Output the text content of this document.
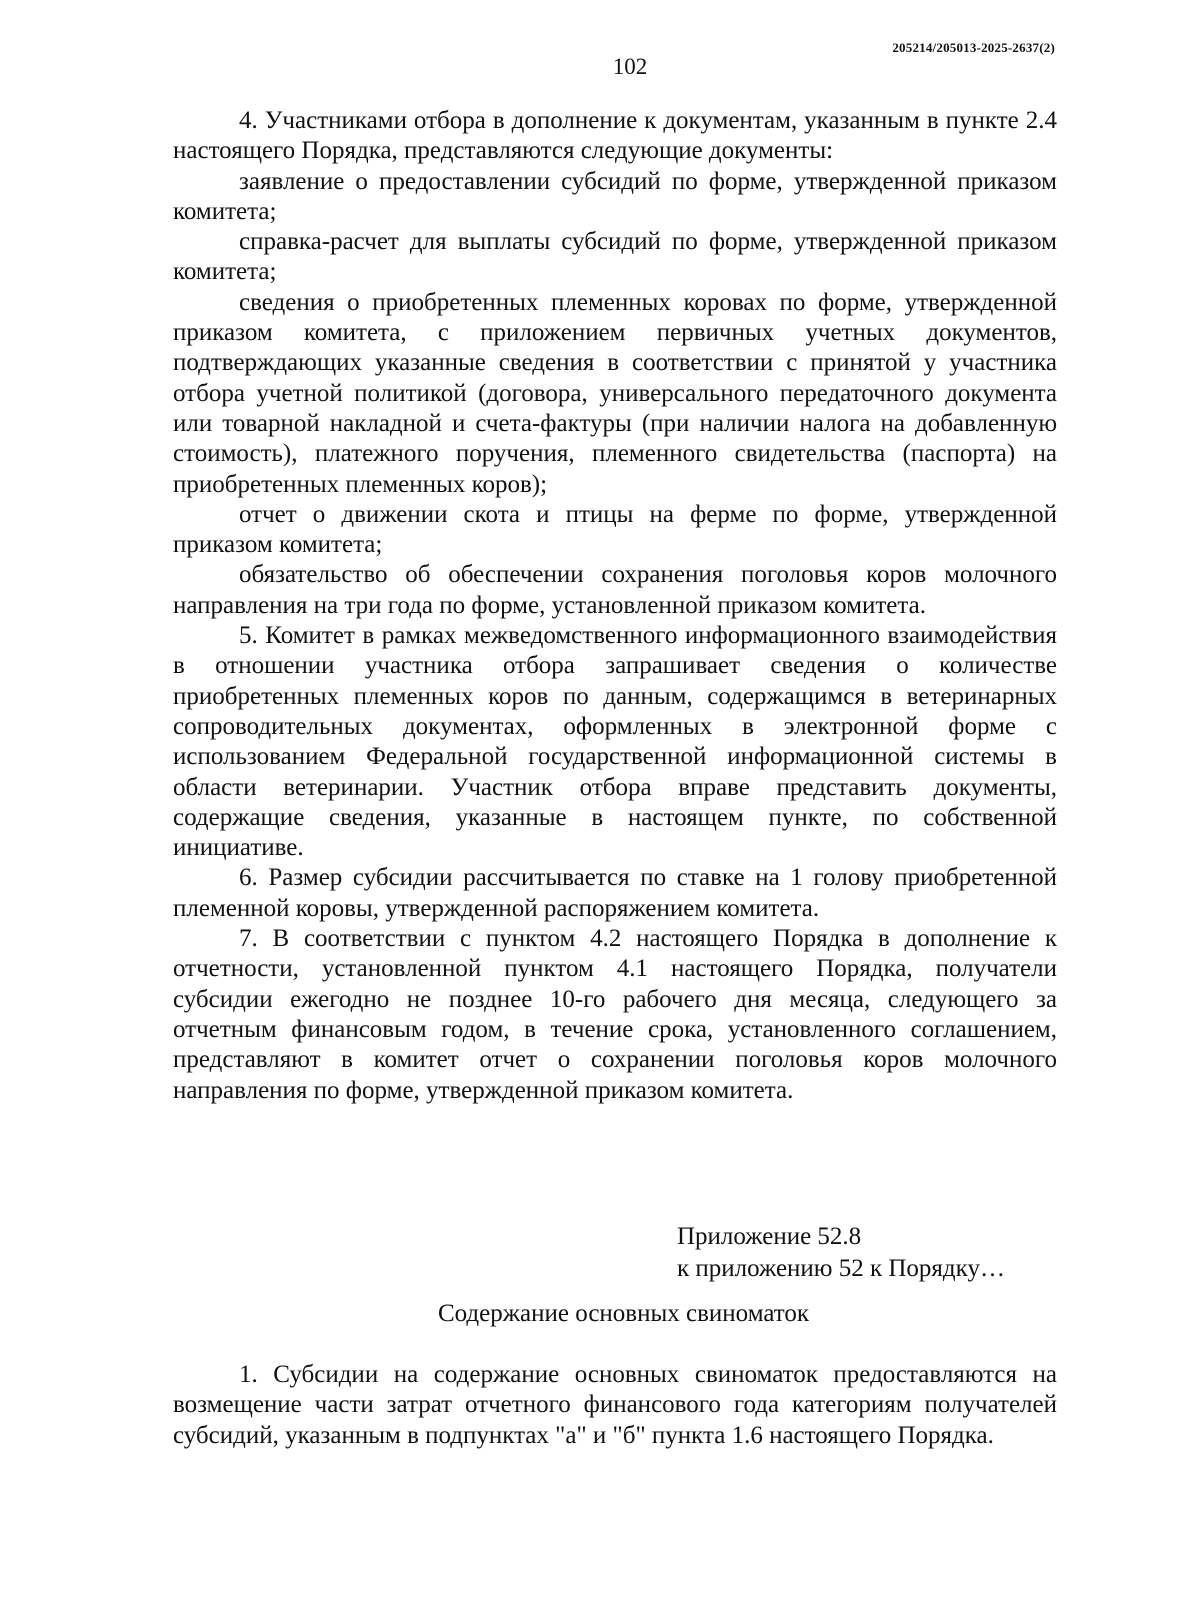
205214/205013-2025-2637(2)
102

4. Участниками отбора в дополнение к документам, указанным в пункте 2.4 настоящего Порядка, представляются следующие документы:

заявление о предоставлении субсидий по форме, утвержденной приказом комитета;

справка-расчет для выплаты субсидий по форме, утвержденной приказом комитета;

сведения о приобретенных племенных коровах по форме, утвержденной приказом комитета, с приложением первичных учетных документов, подтверждающих указанные сведения в соответствии с принятой у участника отбора учетной политикой (договора, универсального передаточного документа или товарной накладной и счета-фактуры (при наличии налога на добавленную стоимость), платежного поручения, племенного свидетельства (паспорта) на приобретенных племенных коров);

отчет о движении скота и птицы на ферме по форме, утвержденной приказом комитета;

обязательство об обеспечении сохранения поголовья коров молочного направления на три года по форме, установленной приказом комитета.

5. Комитет в рамках межведомственного информационного взаимодействия в отношении участника отбора запрашивает сведения о количестве приобретенных племенных коров по данным, содержащимся в ветеринарных сопроводительных документах, оформленных в электронной форме с использованием Федеральной государственной информационной системы в области ветеринарии. Участник отбора вправе представить документы, содержащие сведения, указанные в настоящем пункте, по собственной инициативе.

6. Размер субсидии рассчитывается по ставке на 1 голову приобретенной племенной коровы, утвержденной распоряжением комитета.

7. В соответствии с пунктом 4.2 настоящего Порядка в дополнение к отчетности, установленной пунктом 4.1 настоящего Порядка, получатели субсидии ежегодно не позднее 10-го рабочего дня месяца, следующего за отчетным финансовым годом, в течение срока, установленного соглашением, представляют в комитет отчет о сохранении поголовья коров молочного направления по форме, утвержденной приказом комитета.

Приложение 52.8
к приложению 52 к Порядку…
Содержание основных свиноматок

1. Субсидии на содержание основных свиноматок предоставляются на возмещение части затрат отчетного финансового года категориям получателей субсидий, указанным в подпунктах "а" и "б" пункта 1.6 настоящего Порядка.
